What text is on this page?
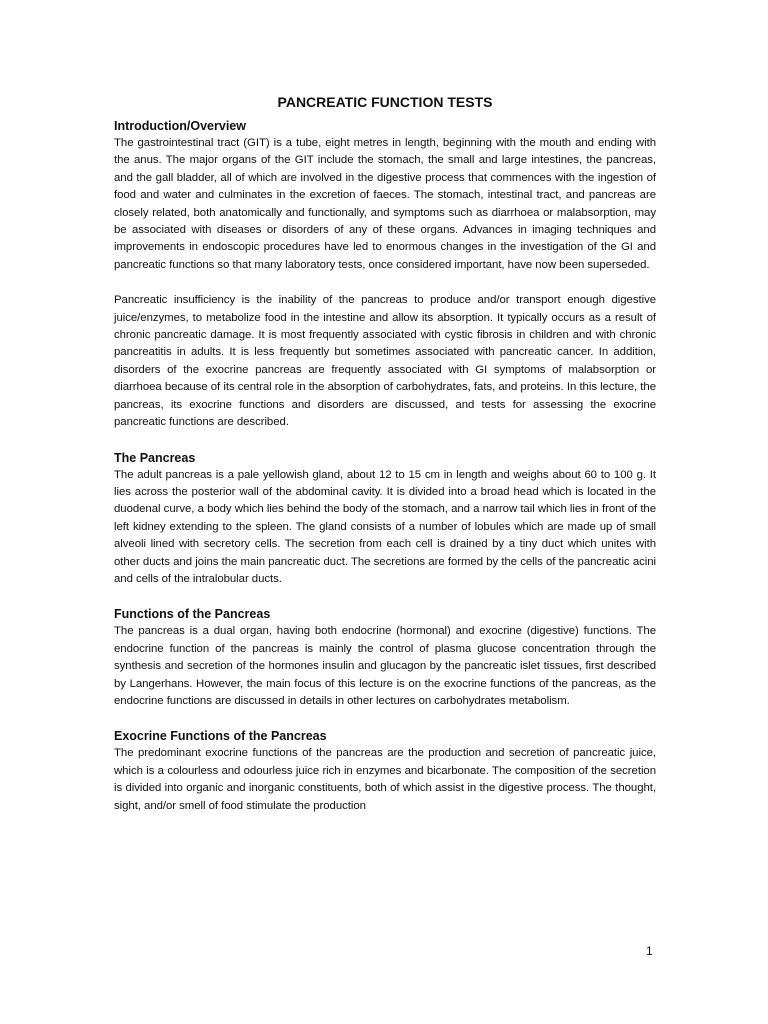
PANCREATIC FUNCTION TESTS
Introduction/Overview

The gastrointestinal tract (GIT) is a tube, eight metres in length, beginning with the mouth and ending with the anus. The major organs of the GIT include the stomach, the small and large intestines, the pancreas, and the gall bladder, all of which are involved in the digestive process that commences with the ingestion of food and water and culminates in the excretion of faeces. The stomach, intestinal tract, and pancreas are closely related, both anatomically and functionally, and symptoms such as diarrhoea or malabsorption, may be associated with diseases or disorders of any of these organs. Advances in imaging techniques and improvements in endoscopic procedures have led to enormous changes in the investigation of the GI and pancreatic functions so that many laboratory tests, once considered important, have now been superseded.

Pancreatic insufficiency is the inability of the pancreas to produce and/or transport enough digestive juice/enzymes, to metabolize food in the intestine and allow its absorption. It typically occurs as a result of chronic pancreatic damage. It is most frequently associated with cystic fibrosis in children and with chronic pancreatitis in adults. It is less frequently but sometimes associated with pancreatic cancer. In addition, disorders of the exocrine pancreas are frequently associated with GI symptoms of malabsorption or diarrhoea because of its central role in the absorption of carbohydrates, fats, and proteins. In this lecture, the pancreas, its exocrine functions and disorders are discussed, and tests for assessing the exocrine pancreatic functions are described.

The Pancreas

The adult pancreas is a pale yellowish gland, about 12 to 15 cm in length and weighs about 60 to 100 g. It lies across the posterior wall of the abdominal cavity. It is divided into a broad head which is located in the duodenal curve, a body which lies behind the body of the stomach, and a narrow tail which lies in front of the left kidney extending to the spleen. The gland consists of a number of lobules which are made up of small alveoli lined with secretory cells. The secretion from each cell is drained by a tiny duct which unites with other ducts and joins the main pancreatic duct. The secretions are formed by the cells of the pancreatic acini and cells of the intralobular ducts.

Functions of the Pancreas

The pancreas is a dual organ, having both endocrine (hormonal) and exocrine (digestive) functions. The endocrine function of the pancreas is mainly the control of plasma glucose concentration through the synthesis and secretion of the hormones insulin and glucagon by the pancreatic islet tissues, first described by Langerhans. However, the main focus of this lecture is on the exocrine functions of the pancreas, as the endocrine functions are discussed in details in other lectures on carbohydrates metabolism.

Exocrine Functions of the Pancreas

The predominant exocrine functions of the pancreas are the production and secretion of pancreatic juice, which is a colourless and odourless juice rich in enzymes and bicarbonate. The composition of the secretion is divided into organic and inorganic constituents, both of which assist in the digestive process. The thought, sight, and/or smell of food stimulate the production

1
